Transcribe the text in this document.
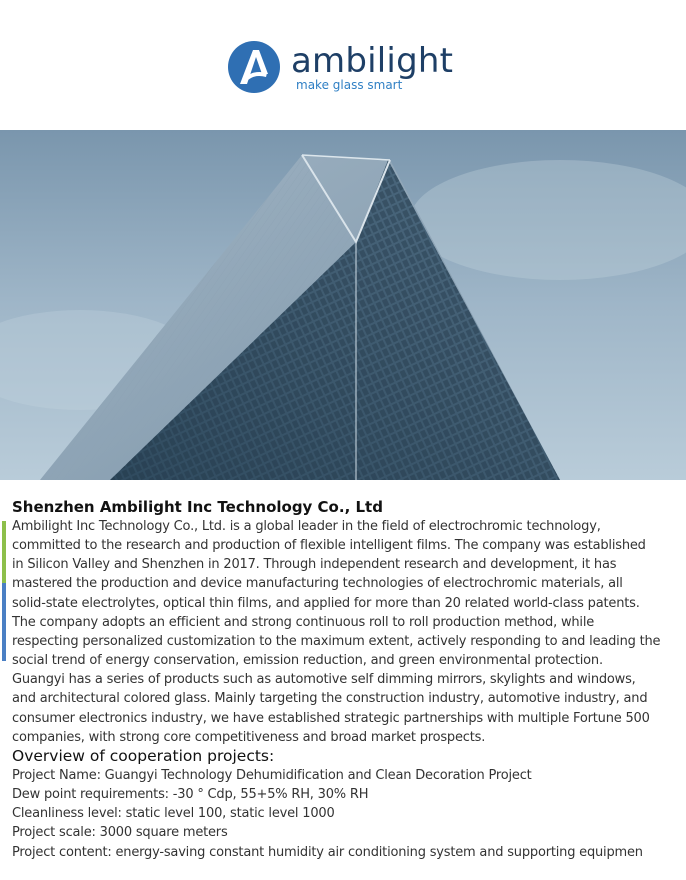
ambilight
make glass smart
Shenzhen Ambilight Inc Technology Co., Ltd
Ambilight Inc Technology Co., Ltd. is a global leader in the field of electrochromic technology,
committed to the research and production of flexible intelligent films. The company was established
in Silicon Valley and Shenzhen in 2017. Through independent research and development, it has
mastered the production and device manufacturing technologies of electrochromic materials, all
solid-state electrolytes, optical thin films, and applied for more than 20 related world-class patents.
The company adopts an efficient and strong continuous roll to roll production method, while
respecting personalized customization to the maximum extent, actively responding to and leading the
social trend of energy conservation, emission reduction, and green environmental protection.
Guangyi has a series of products such as automotive self dimming mirrors, skylights and windows,
and architectural colored glass. Mainly targeting the construction industry, automotive industry, and
consumer electronics industry, we have established strategic partnerships with multiple Fortune 500
companies, with strong core competitiveness and broad market prospects.
Overview of cooperation projects:
Project Name: Guangyi Technology Dehumidification and Clean Decoration Project
Dew point requirements: -30 ° Cdp, 55+5% RH, 30% RH
Cleanliness level: static level 100, static level 1000
Project scale: 3000 square meters
Project content: energy-saving constant humidity air conditioning system and supporting equipmen
